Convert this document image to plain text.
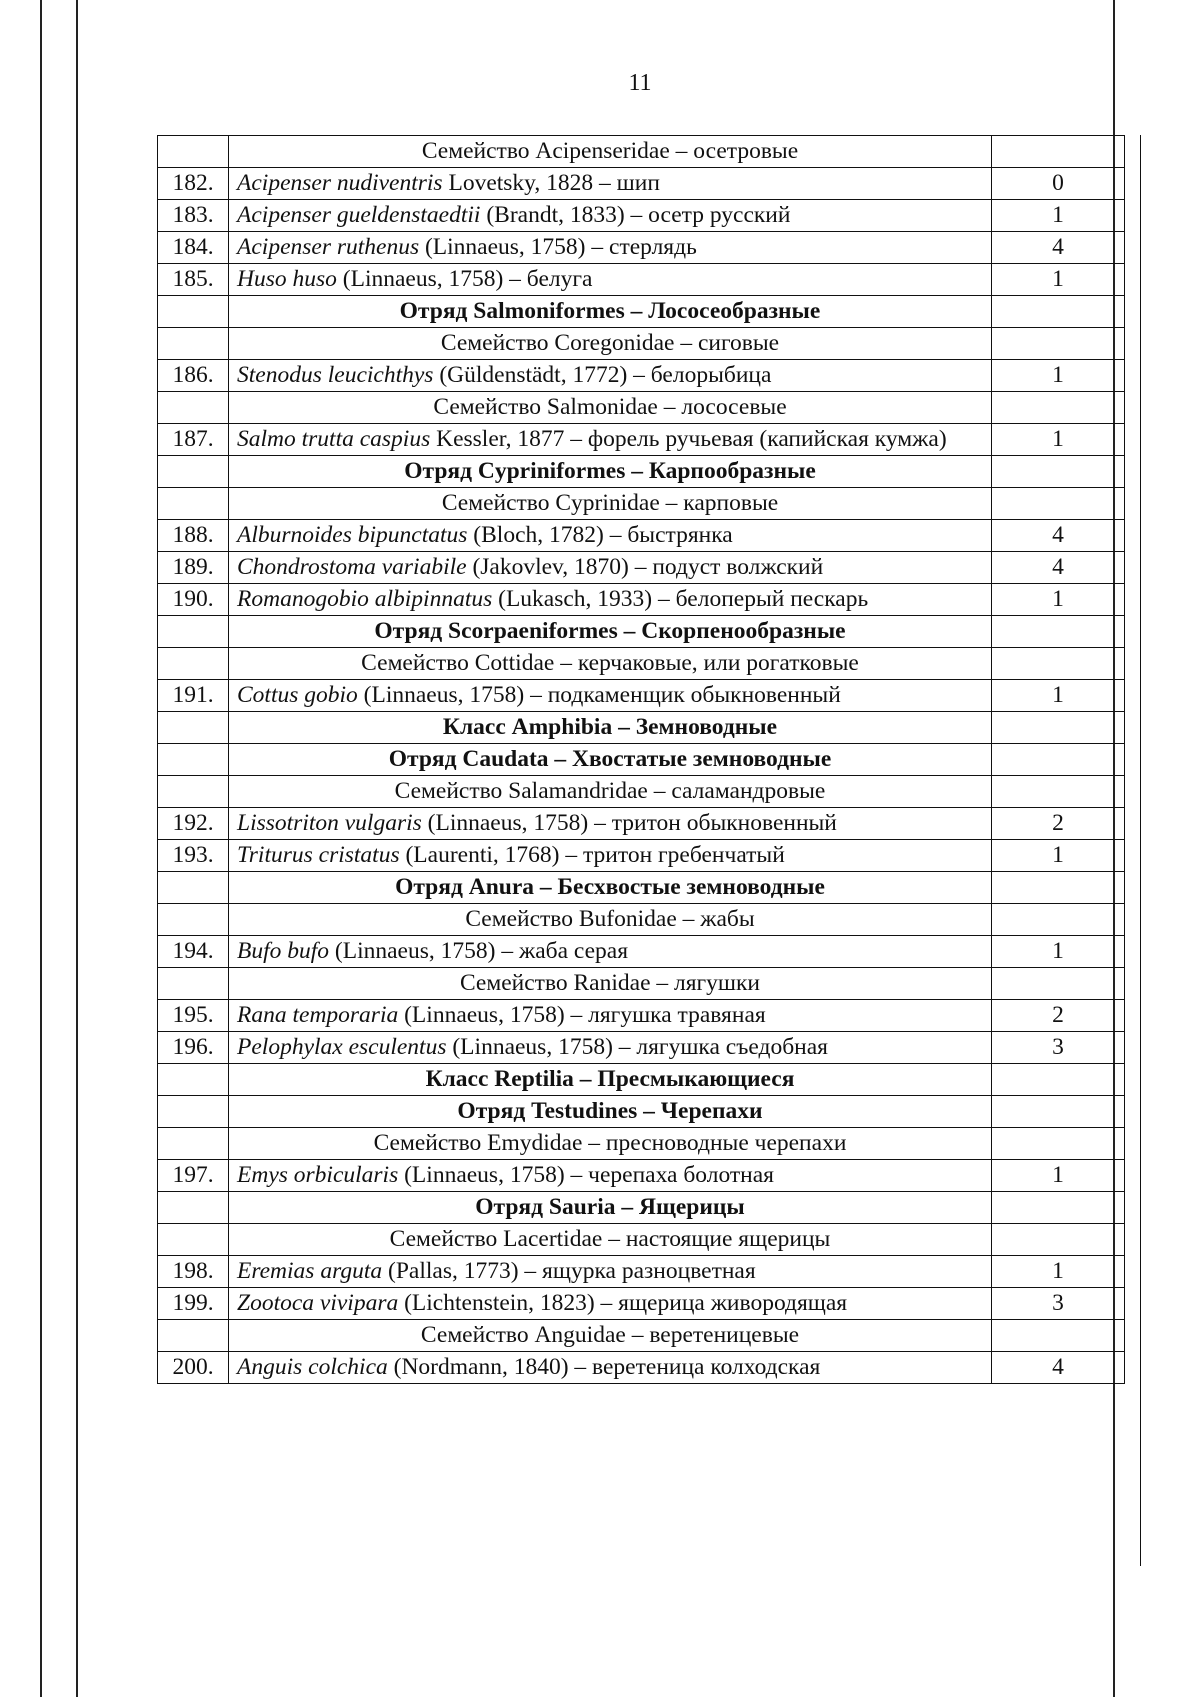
11
	Семейство Acipenseridae – осетровые	
182.	Acipenser nudiventris Lovetsky, 1828 – шип	0
183.	Acipenser gueldenstaedtii (Brandt, 1833) – осетр русский	1
184.	Acipenser ruthenus (Linnaeus, 1758) – стерлядь	4
185.	Huso huso (Linnaeus, 1758) – белуга	1
	Отряд Salmoniformes – Лососеобразные	
	Семейство Coregonidae – сиговые	
186.	Stenodus leucichthys (Güldenstädt, 1772) – белорыбица	1
	Семейство Salmonidae – лососевые	
187.	Salmo trutta caspius Kessler, 1877 – форель ручьевая (капийская кумжа)	1
	Отряд Cypriniformes – Карпообразные	
	Семейство Cyprinidae – карповые	
188.	Alburnoides bipunctatus (Bloch, 1782) – быстрянка	4
189.	Chondrostoma variabile (Jakovlev, 1870) – подуст волжский	4
190.	Romanogobio albipinnatus (Lukasch, 1933) – белоперый пескарь	1
	Отряд Scorpaeniformes – Скорпенообразные	
	Семейство Cottidae – керчаковые, или рогатковые	
191.	Cottus gobio (Linnaeus, 1758) – подкаменщик обыкновенный	1
	Класс Amphibia – Земноводные	
	Отряд Caudata – Хвостатые земноводные	
	Семейство Salamandridae – саламандровые	
192.	Lissotriton vulgaris (Linnaeus, 1758) – тритон обыкновенный	2
193.	Triturus cristatus (Laurenti, 1768) – тритон гребенчатый	1
	Отряд Anura – Бесхвостые земноводные	
	Семейство Bufonidae – жабы	
194.	Bufo bufo (Linnaeus, 1758) – жаба серая	1
	Семейство Ranidae – лягушки	
195.	Rana temporaria (Linnaeus, 1758) – лягушка травяная	2
196.	Pelophylax esculentus (Linnaeus, 1758) – лягушка съедобная	3
	Класс Reptilia – Пресмыкающиеся	
	Отряд Testudines – Черепахи	
	Семейство Emydidae – пресноводные черепахи	
197.	Emys orbicularis (Linnaeus, 1758) – черепаха болотная	1
	Отряд Sauria – Ящерицы	
	Семейство Lacertidae – настоящие ящерицы	
198.	Eremias arguta (Pallas, 1773) – ящурка разноцветная	1
199.	Zootoca vivipara (Lichtenstein, 1823) – ящерица живородящая	3
	Семейство Anguidae – веретеницевые	
200.	Anguis colchica (Nordmann, 1840) – веретеница колходская	4
